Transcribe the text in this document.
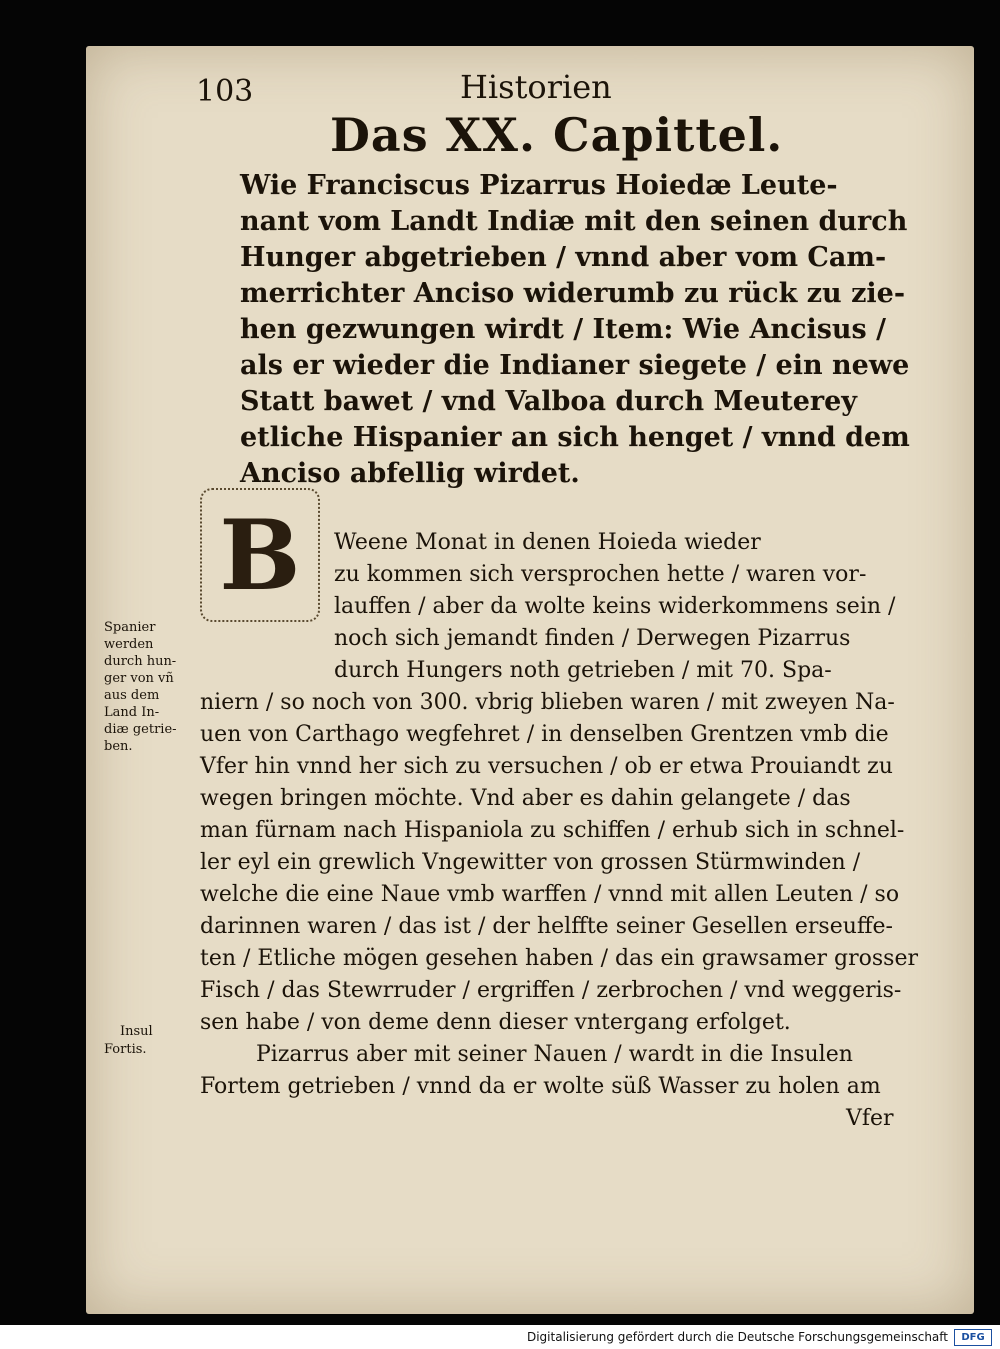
103	Historien
Das XX. Capittel.
Wie Franciscus Pizarrus Hoiedæ Leute-
nant vom Landt Indiæ mit den seinen durch
Hunger abgetrieben / vnnd aber vom Cam-
merrichter Anciso widerumb zu rück zu zie-
hen gezwungen wirdt / Item: Wie Ancisus /
als er wieder die Indianer siegete / ein newe
Statt bawet / vnd Valboa durch Meuterey
etliche Hispanier an sich henget / vnnd dem
Anciso abfellig wirdet.
B	Weene Monat in denen Hoieda wieder
zu kommen sich versprochen hette / waren vor-
lauffen / aber da wolte keins widerkommens sein /
noch sich jemandt finden / Derwegen Pizarrus
durch Hungers noth getrieben / mit 70. Spa-
niern / so noch von 300. vbrig blieben waren / mit zweyen Na-
uen von Carthago wegfehret / in denselben Grentzen vmb die
Vfer hin vnnd her sich zu versuchen / ob er etwa Prouiandt zu
wegen bringen möchte. Vnd aber es dahin gelangete / das
man fürnam nach Hispaniola zu schiffen / erhub sich in schnel-
ler eyl ein grewlich Vngewitter von grossen Stürmwinden /
welche die eine Naue vmb warffen / vnnd mit allen Leuten / so
darinnen waren / das ist / der helffte seiner Gesellen erseuffe-
ten / Etliche mögen gesehen haben / das ein grawsamer grosser
Fisch / das Stewrruder / ergriffen / zerbrochen / vnd weggeris-
sen habe / von deme denn dieser vntergang erfolget.
Pizarrus aber mit seiner Nauen / wardt in die Insulen
Fortem getrieben / vnnd da er wolte süß Wasser zu holen am
Vfer
Spanier
werden
durch hun-
ger von vñ
aus dem
Land In-
diæ getrie-
ben.
Insul
Fortis.
Digitalisierung gefördert durch die Deutsche Forschungsgemeinschaft	DFG
